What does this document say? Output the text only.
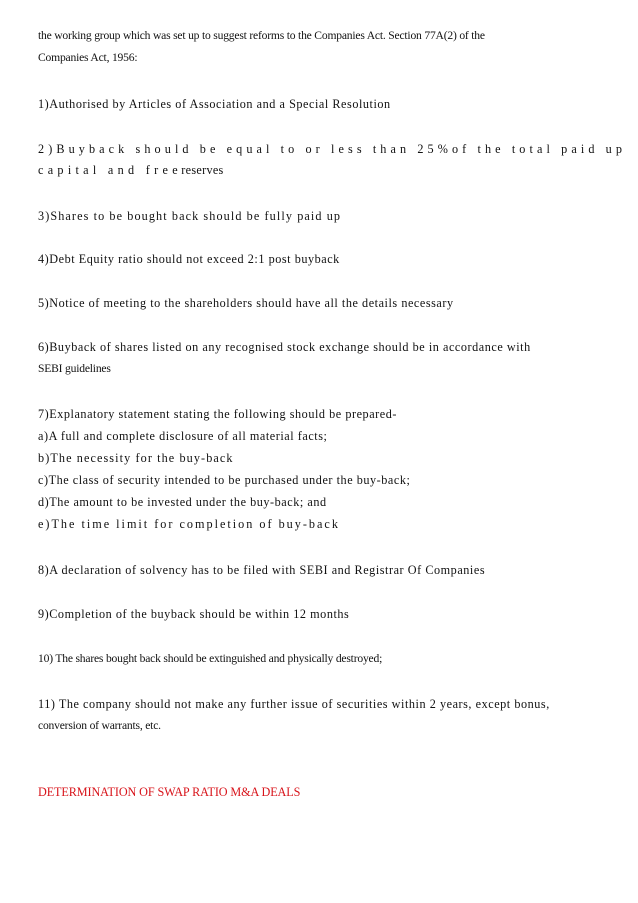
the working group which was set up to suggest reforms to the Companies Act. Section 77A(2) of the
Companies Act, 1956:
1)Authorised by Articles of Association and a Special Resolution
2)Buyback should be equal to or less than 25%of the total paid up
capital and free reserves
3)Shares to be bought back should be fully paid up
4)Debt Equity ratio should not exceed 2:1 post buyback
5)Notice of meeting to the shareholders should have all the details necessary
6)Buyback of shares listed on any recognised stock exchange should be in accordance with
SEBI guidelines
7)Explanatory statement stating the following should be prepared-
a)A full and complete disclosure of all material facts;
b)The necessity for the buy-back
c)The class of security intended to be purchased under the buy-back;
d)The amount to be invested under the buy-back; and
e)The time limit for completion of buy-back
8)A declaration of solvency has to be filed with SEBI and Registrar Of Companies
9)Completion of the buyback should be within 12 months
10) The shares bought back should be extinguished and physically destroyed;
11) The company should not make any further issue of securities within 2 years, except bonus,
conversion of warrants, etc.
DETERMINATION OF SWAP RATIO M&A DEALS
